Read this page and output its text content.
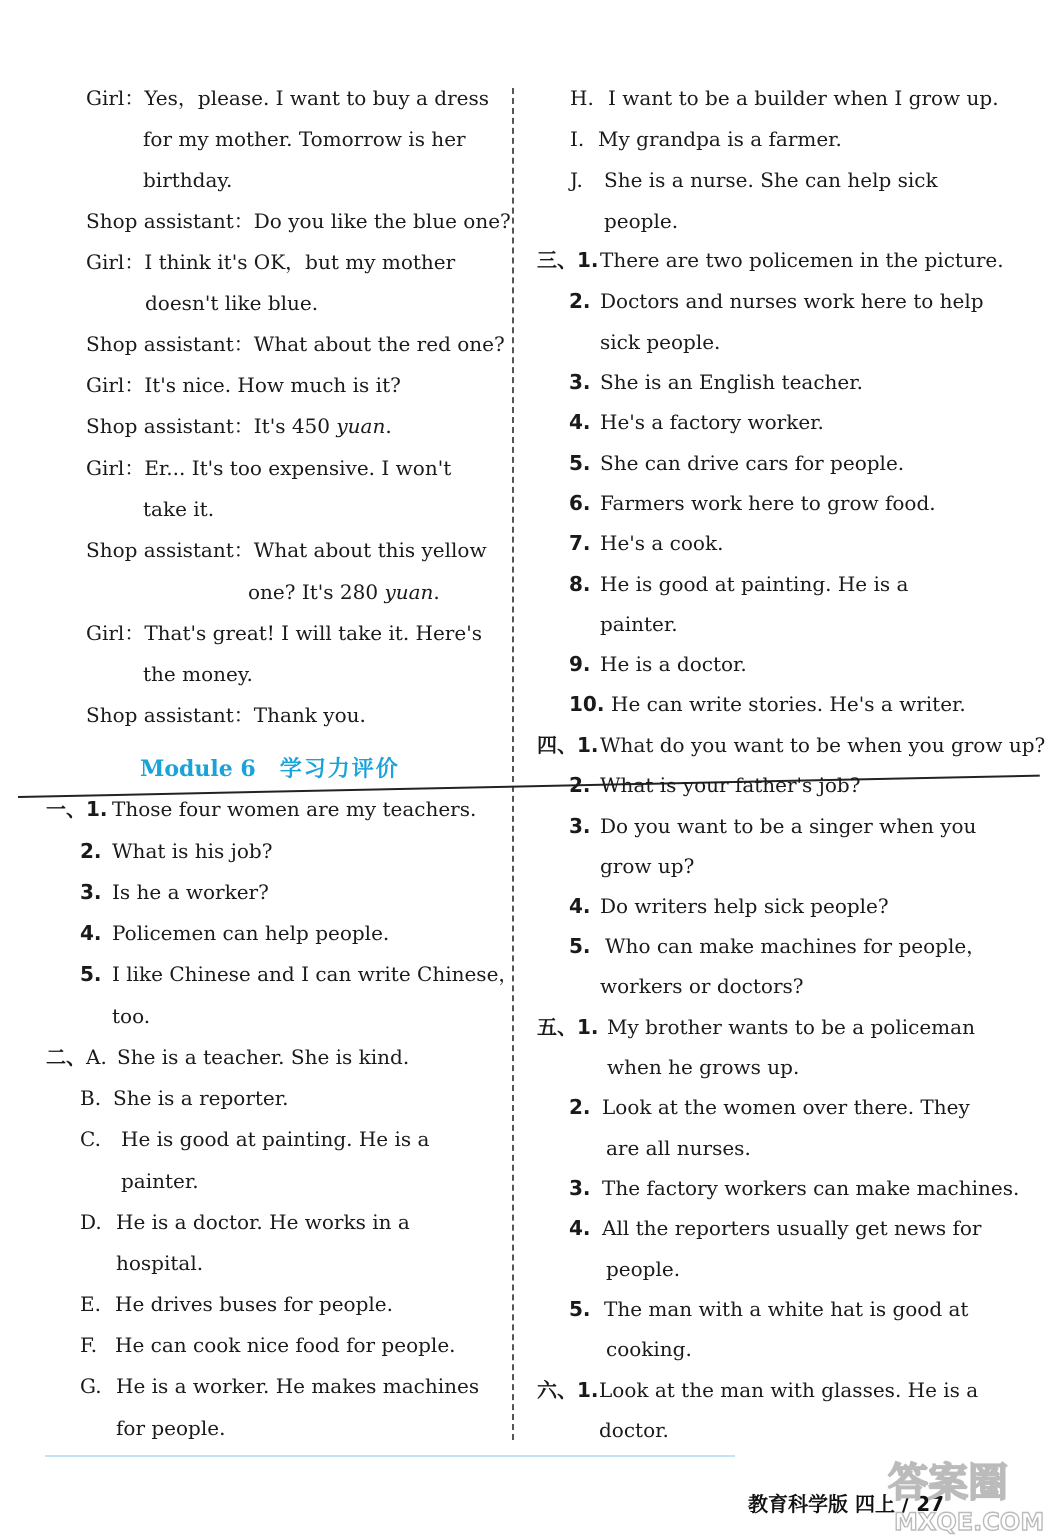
Girl：Yes，please. I want to buy a dress
for my mother. Tomorrow is her
birthday.
Shop assistant：Do you like the blue one?
Girl：I think it's OK，but my mother
doesn't like blue.
Shop assistant：What about the red one?
Girl：It's nice. How much is it?
Shop assistant：It's 450 yuan.
Girl：Er... It's too expensive. I won't
take it.
Shop assistant：What about this yellow
one? It's 280 yuan.
Girl：That's great! I will take it. Here's
the money.
Shop assistant：Thank you.
Module 6 学习力评价
一、1. Those four women are my teachers.
2. What is his job?
3. Is he a worker?
4. Policemen can help people.
5. I like Chinese and I can write Chinese，
too.
二、A. She is a teacher. She is kind.
B. She is a reporter.
C. He is good at painting. He is a
painter.
D. He is a doctor. He works in a
hospital.
E. He drives buses for people.
F. He can cook nice food for people.
G. He is a worker. He makes machines
for people.
H. I want to be a builder when I grow up.
I. My grandpa is a farmer.
J. She is a nurse. She can help sick
people.
三、1. There are two policemen in the picture.
2. Doctors and nurses work here to help
sick people.
3. She is an English teacher.
4. He's a factory worker.
5. She can drive cars for people.
6. Farmers work here to grow food.
7. He's a cook.
8. He is good at painting. He is a
painter.
9. He is a doctor.
10. He can write stories. He's a writer.
四、1. What do you want to be when you grow up?
2. What is your father's job?
3. Do you want to be a singer when you
grow up?
4. Do writers help sick people?
5. Who can make machines for people，
workers or doctors?
五、1. My brother wants to be a policeman
when he grows up.
2. Look at the women over there. They
are all nurses.
3. The factory workers can make machines.
4. All the reporters usually get news for
people.
5. The man with a white hat is good at
cooking.
六、1. Look at the man with glasses. He is a
doctor.
教育科学版 四上 / 27
答案圈
MXQE.COM
